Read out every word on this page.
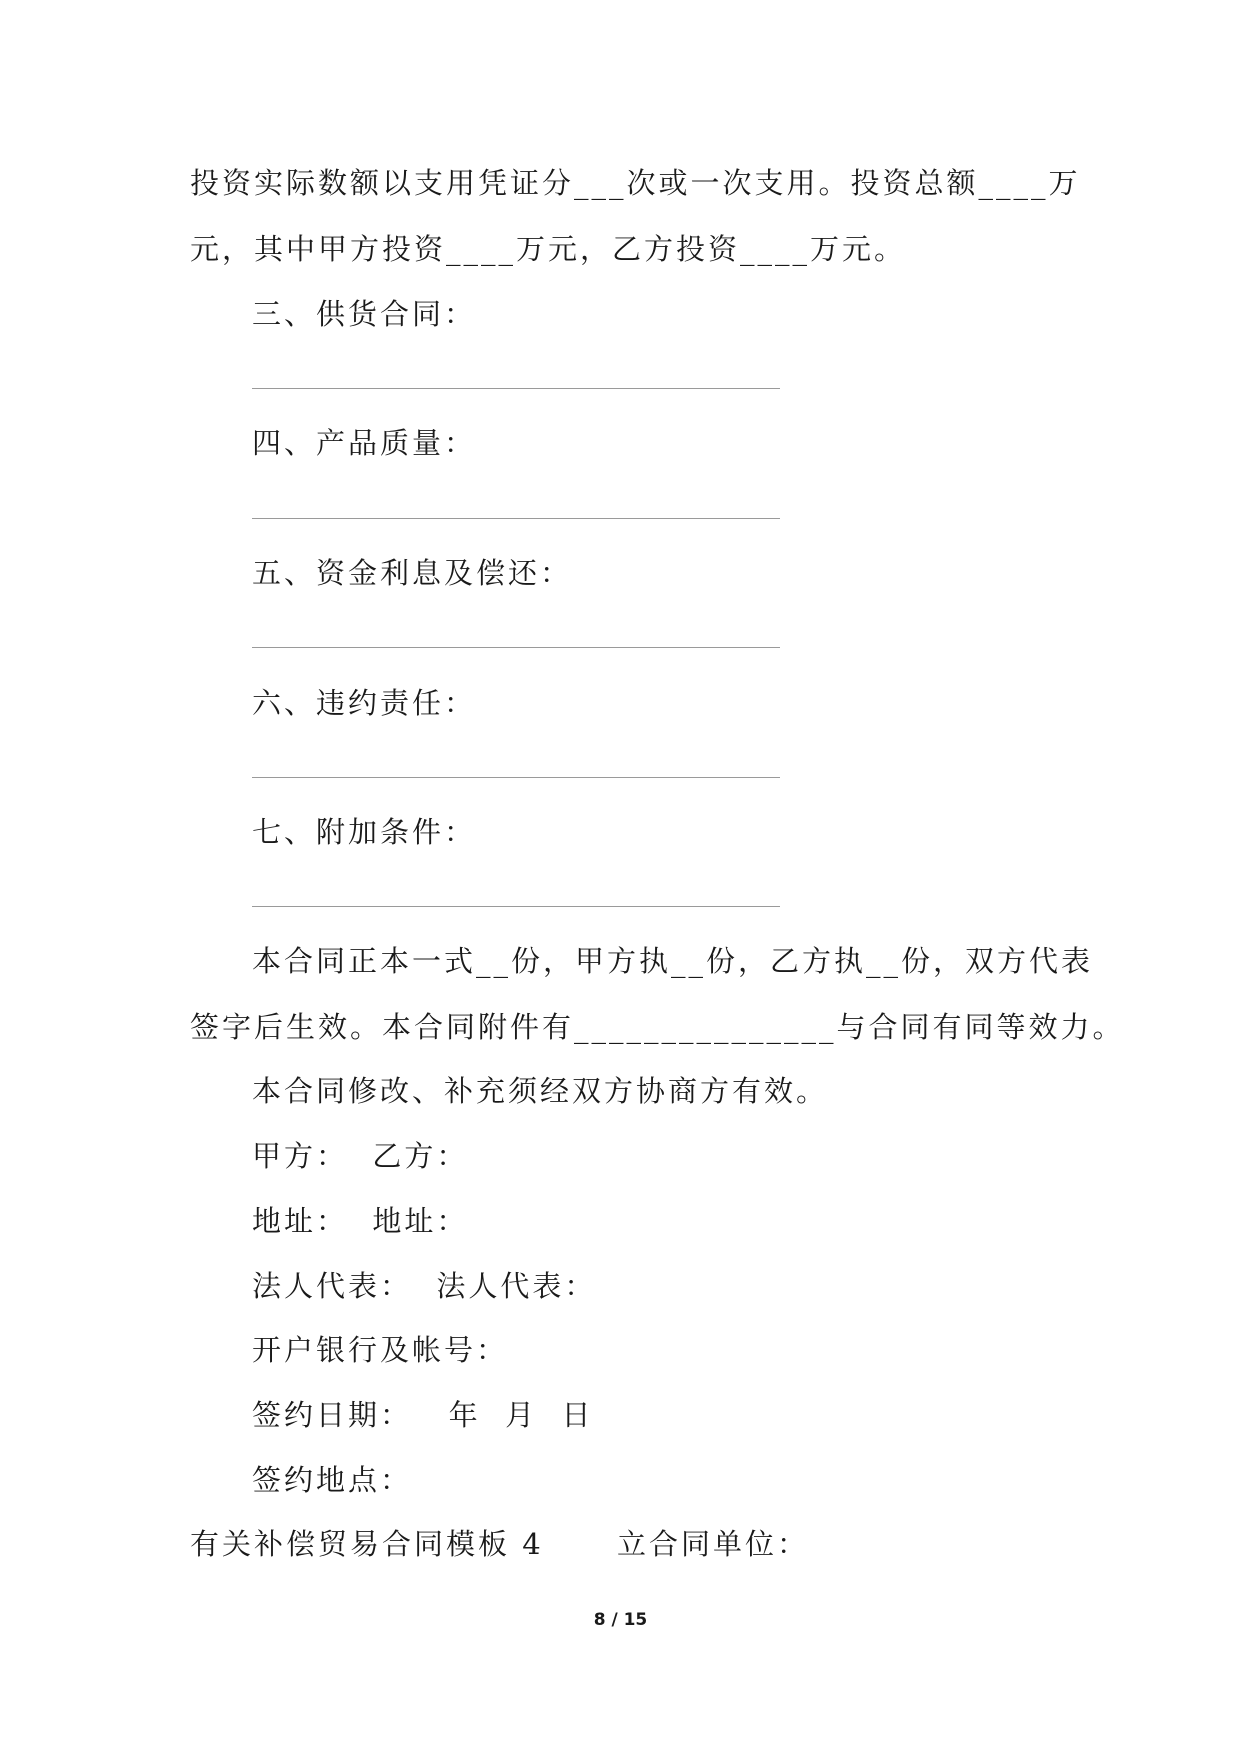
投资实际数额以支用凭证分___次或一次支用。投资总额____万
元，其中甲方投资____万元，乙方投资____万元。
三、供货合同：
四、产品质量：
五、资金利息及偿还：
六、违约责任：
七、附加条件：
本合同正本一式__份，甲方执__份，乙方执__份，双方代表
签字后生效。本合同附件有_______________与合同有同等效力。
本合同修改、补充须经双方协商方有效。
甲方：  乙方：
地址：  地址：
法人代表：  法人代表：
开户银行及帐号：
签约日期：   年  月  日
签约地点：
有关补偿贸易合同模板 4      立合同单位：
8 / 15
